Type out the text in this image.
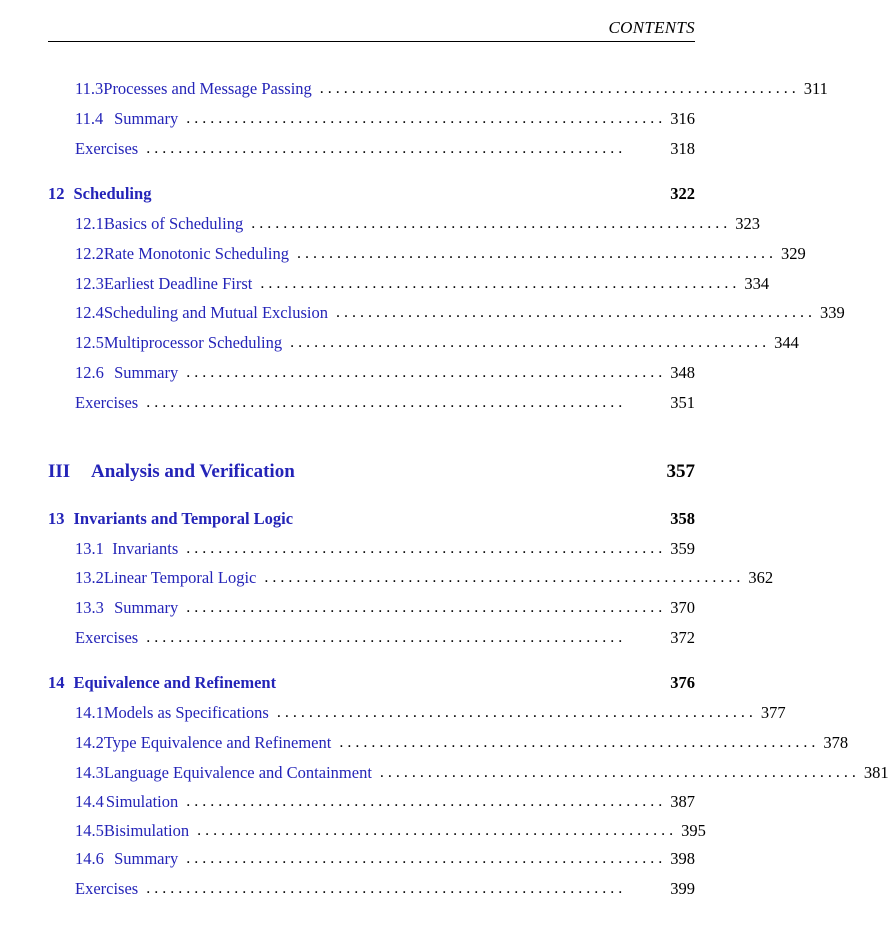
CONTENTS
11.3 Processes and Message Passing . . . . . . . . . . . . . . . . . . . . . . . . . . . . . . . . . . . . . . . . . . . . . . . . . . . . . . . . . . . . 311
11.4 Summary . . . . . . . . . . . . . . . . . . . . . . . . . . . . . . . . . . . . . . . . . . . . . . . . . . . . . . . . . . . . 316
Exercises . . . . . . . . . . . . . . . . . . . . . . . . . . . . . . . . . . . . . . . . . . . . . . . . . . . . . . . . . . . .	318
12 Scheduling	322
12.1 Basics of Scheduling . . . . . . . . . . . . . . . . . . . . . . . . . . . . . . . . . . . . . . . . . . . . . . . . . . . . . . . . . . . . 323
12.2 Rate Monotonic Scheduling . . . . . . . . . . . . . . . . . . . . . . . . . . . . . . . . . . . . . . . . . . . . . . . . . . . . . . . . . . . . 329
12.3 Earliest Deadline First . . . . . . . . . . . . . . . . . . . . . . . . . . . . . . . . . . . . . . . . . . . . . . . . . . . . . . . . . . . . 334
12.4 Scheduling and Mutual Exclusion . . . . . . . . . . . . . . . . . . . . . . . . . . . . . . . . . . . . . . . . . . . . . . . . . . . . . . . . . . . . 339
12.5 Multiprocessor Scheduling . . . . . . . . . . . . . . . . . . . . . . . . . . . . . . . . . . . . . . . . . . . . . . . . . . . . . . . . . . . . 344
12.6 Summary . . . . . . . . . . . . . . . . . . . . . . . . . . . . . . . . . . . . . . . . . . . . . . . . . . . . . . . . . . . . 348
Exercises . . . . . . . . . . . . . . . . . . . . . . . . . . . . . . . . . . . . . . . . . . . . . . . . . . . . . . . . . . . .	351
III	Analysis and Verification	357
13 Invariants and Temporal Logic	358
13.1 Invariants . . . . . . . . . . . . . . . . . . . . . . . . . . . . . . . . . . . . . . . . . . . . . . . . . . . . . . . . . . . . 359
13.2 Linear Temporal Logic . . . . . . . . . . . . . . . . . . . . . . . . . . . . . . . . . . . . . . . . . . . . . . . . . . . . . . . . . . . . 362
13.3 Summary . . . . . . . . . . . . . . . . . . . . . . . . . . . . . . . . . . . . . . . . . . . . . . . . . . . . . . . . . . . . 370
Exercises . . . . . . . . . . . . . . . . . . . . . . . . . . . . . . . . . . . . . . . . . . . . . . . . . . . . . . . . . . . .	372
14 Equivalence and Refinement	376
14.1 Models as Specifications . . . . . . . . . . . . . . . . . . . . . . . . . . . . . . . . . . . . . . . . . . . . . . . . . . . . . . . . . . . . 377
14.2 Type Equivalence and Refinement . . . . . . . . . . . . . . . . . . . . . . . . . . . . . . . . . . . . . . . . . . . . . . . . . . . . . . . . . . . . 378
14.3 Language Equivalence and Containment . . . . . . . . . . . . . . . . . . . . . . . . . . . . . . . . . . . . . . . . . . . . . . . . . . . . . . . . . . . . 381
14.4 Simulation . . . . . . . . . . . . . . . . . . . . . . . . . . . . . . . . . . . . . . . . . . . . . . . . . . . . . . . . . . . . 387
14.5 Bisimulation . . . . . . . . . . . . . . . . . . . . . . . . . . . . . . . . . . . . . . . . . . . . . . . . . . . . . . . . . . . . 395
14.6 Summary . . . . . . . . . . . . . . . . . . . . . . . . . . . . . . . . . . . . . . . . . . . . . . . . . . . . . . . . . . . . 398
Exercises . . . . . . . . . . . . . . . . . . . . . . . . . . . . . . . . . . . . . . . . . . . . . . . . . . . . . . . . . . . .	399
